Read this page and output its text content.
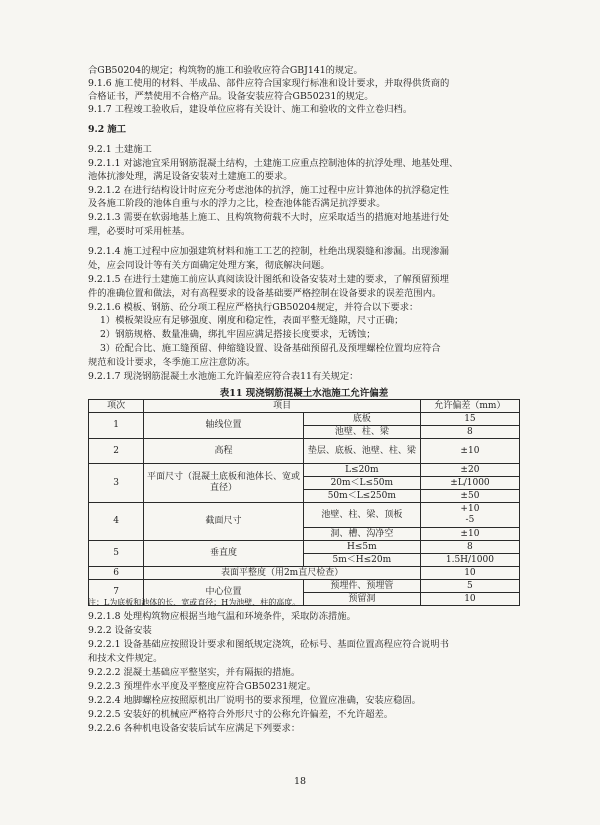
合GB50204的规定；构筑物的施工和验收应符合GBJ141的规定。
9.1.6 施工使用的材料、半成品、部件应符合国家现行标准和设计要求，并取得供货商的
合格证书，严禁使用不合格产品。设备安装应符合GB50231的规定。
9.1.7 工程竣工验收后，建设单位应将有关设计、施工和验收的文件立卷归档。
9.2 施工
9.2.1 土建施工
9.2.1.1 对滤池宜采用钢筋混凝土结构，土建施工应重点控制池体的抗浮处理、地基处理、
池体抗渗处理，满足设备安装对土建施工的要求。
9.2.1.2 在进行结构设计时应充分考虑池体的抗浮，施工过程中应计算池体的抗浮稳定性
及各施工阶段的池体自重与水的浮力之比，检查池体能否满足抗浮要求。
9.2.1.3 需要在软弱地基上施工、且构筑物荷载不大时，应采取适当的措施对地基进行处
理，必要时可采用桩基。
9.2.1.4 施工过程中应加强建筑材料和施工工艺的控制，杜绝出现裂缝和渗漏。出现渗漏
处，应会同设计等有关方面确定处理方案，彻底解决问题。
9.2.1.5 在进行土建施工前应认真阅读设计图纸和设备安装对土建的要求，了解预留预埋
件的准确位置和做法，对有高程要求的设备基础要严格控制在设备要求的误差范围内。
9.2.1.6 模板、钢筋、砼分项工程应严格执行GB50204规定，并符合以下要求：
1）模板架设应有足够强度、刚度和稳定性，表面平整无缝隙，尺寸正确；
2）钢筋规格、数量准确，绑扎牢固应满足搭接长度要求，无锈蚀；
3）砼配合比、施工缝预留、伸缩缝设置、设备基础预留孔及预埋螺栓位置均应符合
规范和设计要求，冬季施工应注意防冻。
9.2.1.7 现浇钢筋混凝土水池施工允许偏差应符合表11有关规定：
表11 现浇钢筋混凝土水池施工允许偏差
项次	项目		允许偏差（mm）
1	轴线位置	底板	15
		池壁、柱、梁	8
2	高程	垫层、底板、池壁、柱、梁	±10
3	平面尺寸（混凝土底板和池体长、宽或直径）	L≤20m	±20
		20m＜L≤50m	±L/1000
		50m＜L≤250m	±50
4	截面尺寸	池壁、柱、梁、顶板	+10
-5
		洞、槽、沟净空	±10
5	垂直度	H≤5m	8
		5m＜H≤20m	1.5H/1000
6	表面平整度（用2m直尺检查）		10
7	中心位置	预埋件、预埋管	5
		预留洞	10
注：L为底板和池体的长、宽或直径；H为池壁、柱的高度。
9.2.1.8 处理构筑物应根据当地气温和环境条件，采取防冻措施。
9.2.2 设备安装
9.2.2.1 设备基础应按照设计要求和图纸规定浇筑，砼标号、基面位置高程应符合说明书
和技术文件规定。
9.2.2.2 混凝土基础应平整坚实，并有隔振的措施。
9.2.2.3 预埋件水平度及平整度应符合GB50231规定。
9.2.2.4 地脚螺栓应按照原机出厂说明书的要求预埋，位置应准确，安装应稳固。
9.2.2.5 安装好的机械应严格符合外形尺寸的公称允许偏差，不允许超差。
9.2.2.6 各种机电设备安装后试车应满足下列要求：
18
